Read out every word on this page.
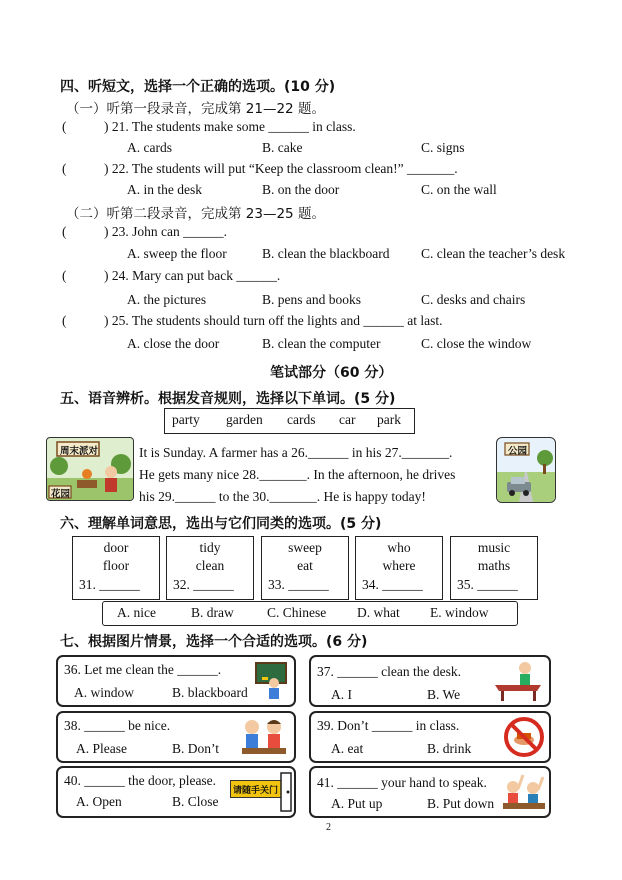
四、听短文，选择一个正确的选项。(10 分)
（一）听第一段录音，完成第 21—22 题。
(	) 21. The students make some ______ in class.
A. cards	B. cake	C. signs
(	) 22. The students will put “Keep the classroom clean!” _______.
A. in the desk	B. on the door	C. on the wall
（二）听第二段录音，完成第 23—25 题。
(	) 23. John can ______.
A. sweep the floor	B. clean the blackboard C. clean the teacher’s desk
(	) 24. Mary can put back ______.
A. the pictures	B. pens and books	C. desks and chairs
(	) 25. The students should turn off the lights and ______ at last.
A. close the door	B. clean the computer	C. close the window
笔试部分（60 分）
五、语音辨析。根据发音规则，选择以下单词。(5 分)
party garden cards car park
周末派对
花园
It is Sunday. A farmer has a 26.______ in his 27._______.
He gets many nice 28._______. In the afternoon, he drives
his 29.______ to the 30._______. He is happy today!
公园
六、理解单词意思，选出与它们同类的选项。(5 分)
door
floor
31. ______
tidy
clean
32. ______
sweep
eat
33. ______
who
where
34. ______
music
maths
35. ______
A. nice	B. draw C. Chinese D. what E. window
七、根据图片情景，选择一个合适的选项。(6 分)
36. Let me clean the ______.
A. window	B. blackboard
37. ______ clean the desk.
A. I	B. We
38. ______ be nice.
A. Please	B. Don’t
39. Don’t ______ in class.
A. eat	B. drink
40. ______ the door, please.
A. Open	B. Close
请随手关门
41. ______ your hand to speak.
A. Put up	B. Put down
2
